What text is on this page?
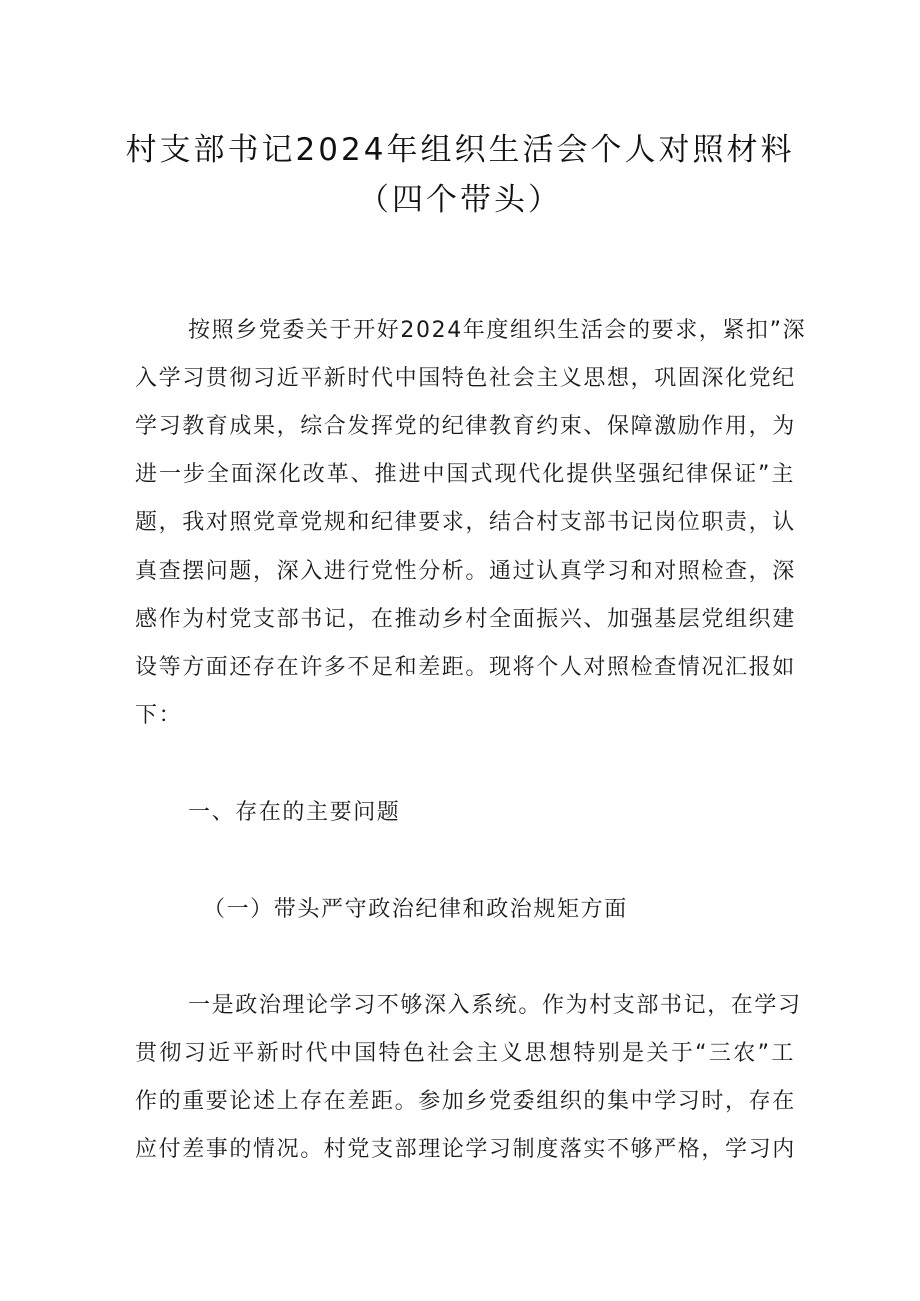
村支部书记2024年组织生活会个人对照材料
（四个带头）
按照乡党委关于开好2024年度组织生活会的要求，紧扣”深
入学习贯彻习近平新时代中国特色社会主义思想，巩固深化党纪
学习教育成果，综合发挥党的纪律教育约束、保障激励作用，为
进一步全面深化改革、推进中国式现代化提供坚强纪律保证”主
题，我对照党章党规和纪律要求，结合村支部书记岗位职责，认
真查摆问题，深入进行党性分析。通过认真学习和对照检查，深
感作为村党支部书记，在推动乡村全面振兴、加强基层党组织建
设等方面还存在许多不足和差距。现将个人对照检查情况汇报如
下：
一、存在的主要问题
（一）带头严守政治纪律和政治规矩方面
一是政治理论学习不够深入系统。作为村支部书记，在学习
贯彻习近平新时代中国特色社会主义思想特别是关于“三农”工
作的重要论述上存在差距。参加乡党委组织的集中学习时，存在
应付差事的情况。村党支部理论学习制度落实不够严格，学习内
